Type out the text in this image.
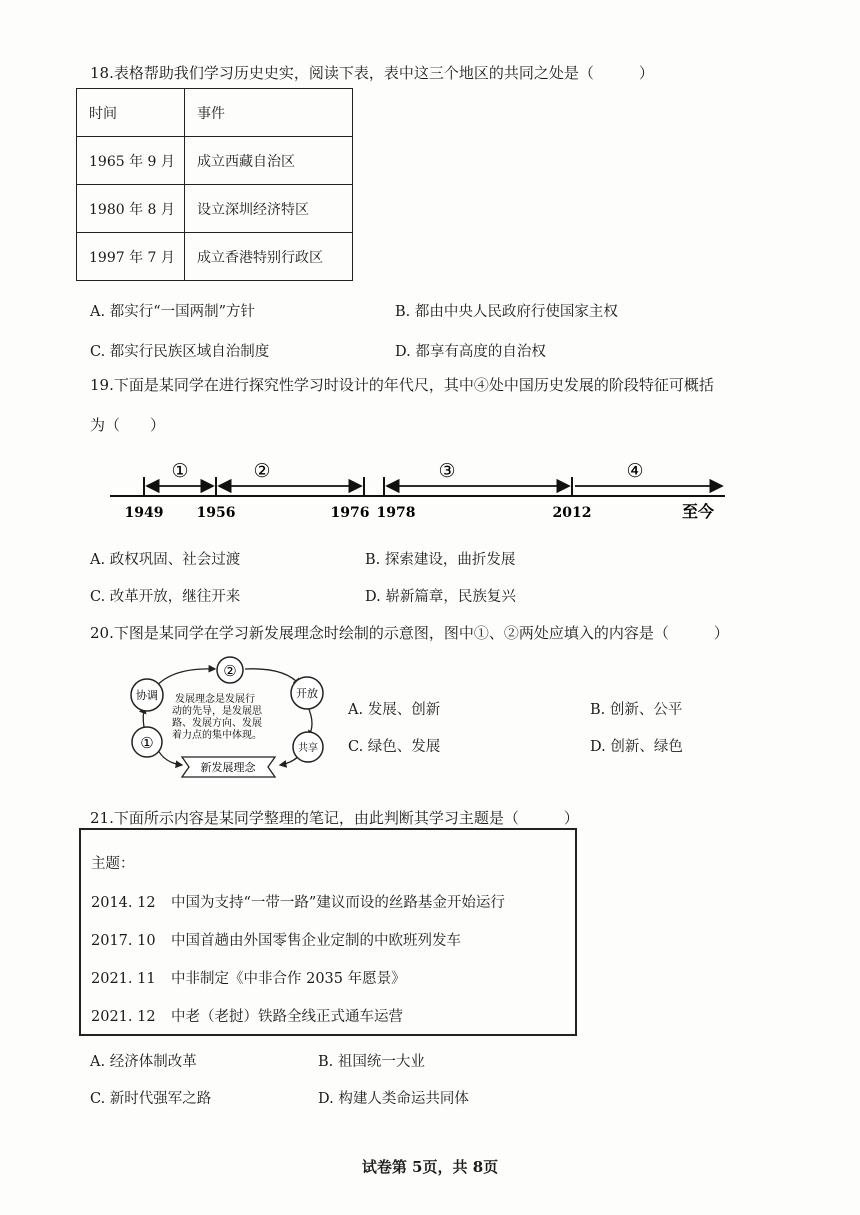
18.表格帮助我们学习历史史实，阅读下表，表中这三个地区的共同之处是（　　　）
时间	事件
1965 年 9 月	成立西藏自治区
1980 年 8 月	设立深圳经济特区
1997 年 7 月	成立香港特别行政区
A. 都实行“一国两制”方针	B. 都由中央人民政府行使国家主权
C. 都实行民族区域自治制度	D. 都享有高度的自治权
19.下面是某同学在进行探究性学习时设计的年代尺，其中④处中国历史发展的阶段特征可概括
为（　　）
①	②	③	④
1949 1956	1976 1978	2012	至今
A. 政权巩固、社会过渡	B. 探索建设，曲折发展
C. 改革开放，继往开来	D. 崭新篇章，民族复兴
20.下图是某同学在学习新发展理念时绘制的示意图，图中①、②两处应填入的内容是（　　　）
②
协调	开放
①	共享
发展理念是发展行
动的先导，是发展思
路、发展方向、发展
着力点的集中体现。
新发展理念
A. 发展、创新	B. 创新、公平
C. 绿色、发展	D. 创新、绿色
21.下面所示内容是某同学整理的笔记，由此判断其学习主题是（　　　）
主题：
2014. 12 中国为支持“一带一路”建议而设的丝路基金开始运行
2017. 10 中国首趟由外国零售企业定制的中欧班列发车
2021. 11 中非制定《中非合作 2035 年愿景》
2021. 12 中老（老挝）铁路全线正式通车运营
A. 经济体制改革	B. 祖国统一大业
C. 新时代强军之路	D. 构建人类命运共同体
试卷第 5页，共 8页
